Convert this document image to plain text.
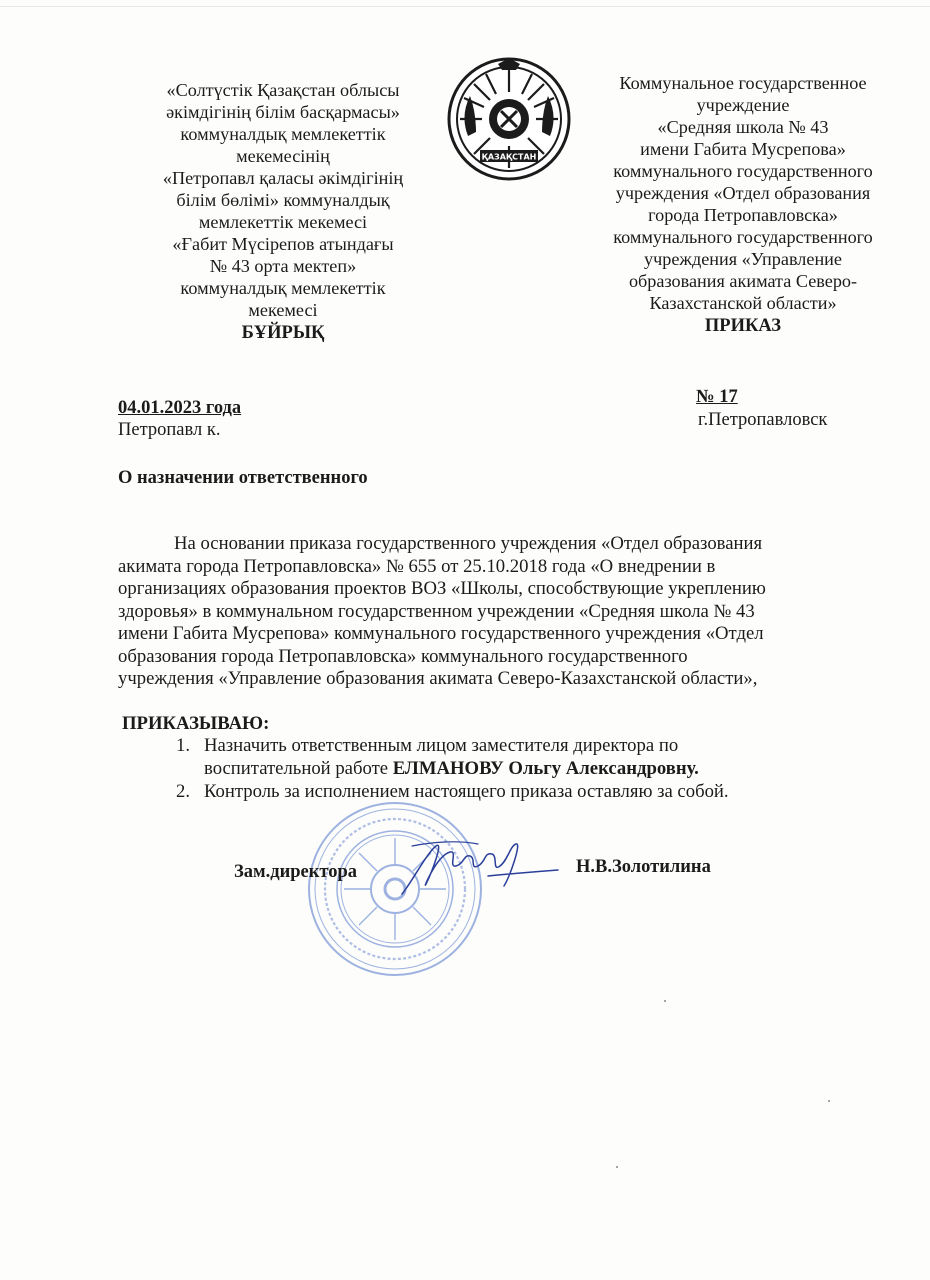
«Солтүстік Қазақстан облысы
әкімдігінің білім басқармасы»
коммуналдық мемлекеттік
мекемесінің
«Петропавл қаласы әкімдігінің
білім бөлімі» коммуналдық
мемлекеттік мекемесі
«Ғабит Мүсірепов атындағы
№ 43 орта мектеп»
коммуналдық мемлекеттік
мекемесі
БҰЙРЫҚ
ҚАЗАҚСТАН
Коммунальное государственное
учреждение
«Средняя школа № 43
имени Габита Мусрепова»
коммунального государственного
учреждения «Отдел образования
города Петропавловска»
коммунального государственного
учреждения «Управление
образования акимата Северо-
Казахстанской области»
ПРИКАЗ
04.01.2023 года
Петропавл к.
№ 17
г.Петропавловск
О назначении ответственного
На основании приказа государственного учреждения «Отдел образования
акимата города Петропавловска» № 655 от 25.10.2018 года «О внедрении в
организациях образования проектов ВОЗ «Школы, способствующие укреплению
здоровья» в коммунальном государственном учреждении «Средняя школа № 43
имени Габита Мусрепова» коммунального государственного учреждения «Отдел
образования города Петропавловска» коммунального государственного
учреждения «Управление образования акимата Северо-Казахстанской области»,
ПРИКАЗЫВАЮ:
1. Назначить ответственным лицом заместителя директора по
воспитательной работе ЕЛМАНОВУ Ольгу Александровну.
2. Контроль за исполнением настоящего приказа оставляю за собой.
Зам.директора	Н.В.Золотилина
